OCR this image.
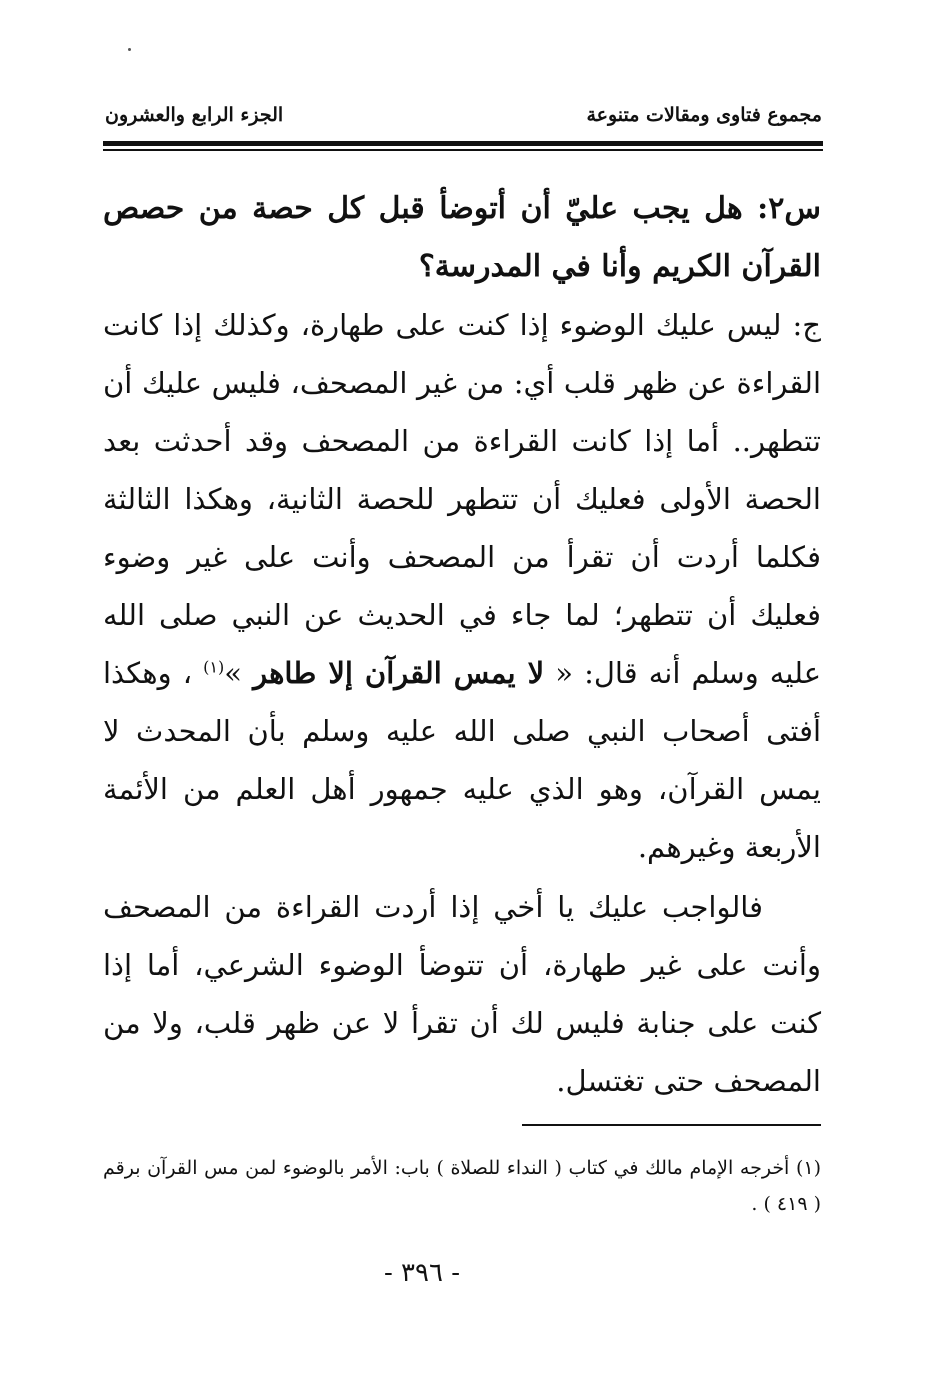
مجموع فتاوى ومقالات متنوعة
الجزء الرابع والعشرون

س٢: هل يجب عليّ أن أتوضأ قبل كل حصة من حصص القرآن الكريم وأنا في المدرسة؟

ج: ليس عليك الوضوء إذا كنت على طهارة، وكذلك إذا كانت القراءة عن ظهر قلب أي: من غير المصحف، فليس عليك أن تتطهر.. أما إذا كانت القراءة من المصحف وقد أحدثت بعد الحصة الأولى فعليك أن تتطهر للحصة الثانية، وهكذا الثالثة فكلما أردت أن تقرأ من المصحف وأنت على غير وضوء فعليك أن تتطهر؛ لما جاء في الحديث عن النبي صلى الله عليه وسلم أنه قال: « لا يمس القرآن إلا طاهر »$^{(١)}$ ، وهكذا أفتى أصحاب النبي صلى الله عليه وسلم بأن المحدث لا يمس القرآن، وهو الذي عليه جمهور أهل العلم من الأئمة الأربعة وغيرهم.

فالواجب عليك يا أخي إذا أردت القراءة من المصحف وأنت على غير طهارة، أن تتوضأ الوضوء الشرعي، أما إذا كنت على جنابة فليس لك أن تقرأ لا عن ظهر قلب، ولا من المصحف حتى تغتسل.

(١) أخرجه الإمام مالك في كتاب ( النداء للصلاة ) باب: الأمر بالوضوء لمن مس القرآن برقم ( ٤١٩ ) .
- ٣٩٦ -
